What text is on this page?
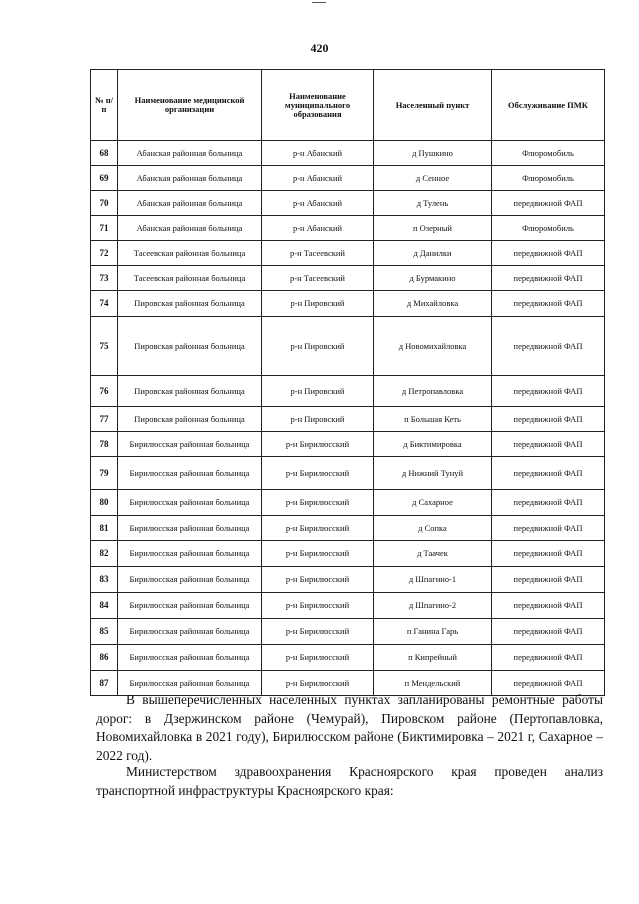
420
№ п/п	Наименование медицинской организации	Наименование муниципального образования	Населенный пункт	Обслуживание ПМК
68	Абанская районная больница	р-н Абанский	д Пушкино	Флюромобиль
69	Абанская районная больница	р-н Абанский	д Сенное	Флюромобиль
70	Абанская районная больница	р-н Абанский	д Тулень	передвижной ФАП
71	Абанская районная больница	р-н Абанский	п Озерный	Флюромобиль
72	Тасеевская районная больница	р-н Тасеевский	д Данилки	передвижной ФАП
73	Тасеевская районная больница	р-н Тасеевский	д Бурмакино	передвижной ФАП
74	Пировская районная больница	р-н Пировский	д Михайловка	передвижной ФАП
75	Пировская районная больница	р-н Пировский	д Новомихайловка	передвижной ФАП
76	Пировская районная больница	р-н Пировский	д Петропавловка	передвижной ФАП
77	Пировская районная больница	р-н Пировский	п Большая Кеть	передвижной ФАП
78	Бирилюсская районная больница	р-н Бирилюсский	д Биктимировка	передвижной ФАП
79	Бирилюсская районная больница	р-н Бирилюсский	д Нижний Тунуй	передвижной ФАП
80	Бирилюсская районная больница	р-н Бирилюсский	д Сахарное	передвижной ФАП
81	Бирилюсская районная больница	р-н Бирилюсский	д Сопка	передвижной ФАП
82	Бирилюсская районная больница	р-н Бирилюсский	д Таачек	передвижной ФАП
83	Бирилюсская районная больница	р-н Бирилюсский	д Шпагино-1	передвижной ФАП
84	Бирилюсская районная больница	р-н Бирилюсский	д Шпагино-2	передвижной ФАП
85	Бирилюсская районная больница	р-н Бирилюсский	п Ганина Гарь	передвижной ФАП
86	Бирилюсская районная больница	р-н Бирилюсский	п Кипрейный	передвижной ФАП
87	Бирилюсская районная больница	р-н Бирилюсский	п Мендельский	передвижной ФАП
В вышеперечисленных населенных пунктах запланированы ремонтные работы дорог: в Дзержинском районе (Чемурай), Пировском районе (Пертопавловка, Новомихайловка в 2021 году), Бирилюсском районе (Биктимировка – 2021 г, Сахарное – 2022 год).
Министерством здравоохранения Красноярского края проведен анализ транспортной инфраструктуры Красноярского края:
